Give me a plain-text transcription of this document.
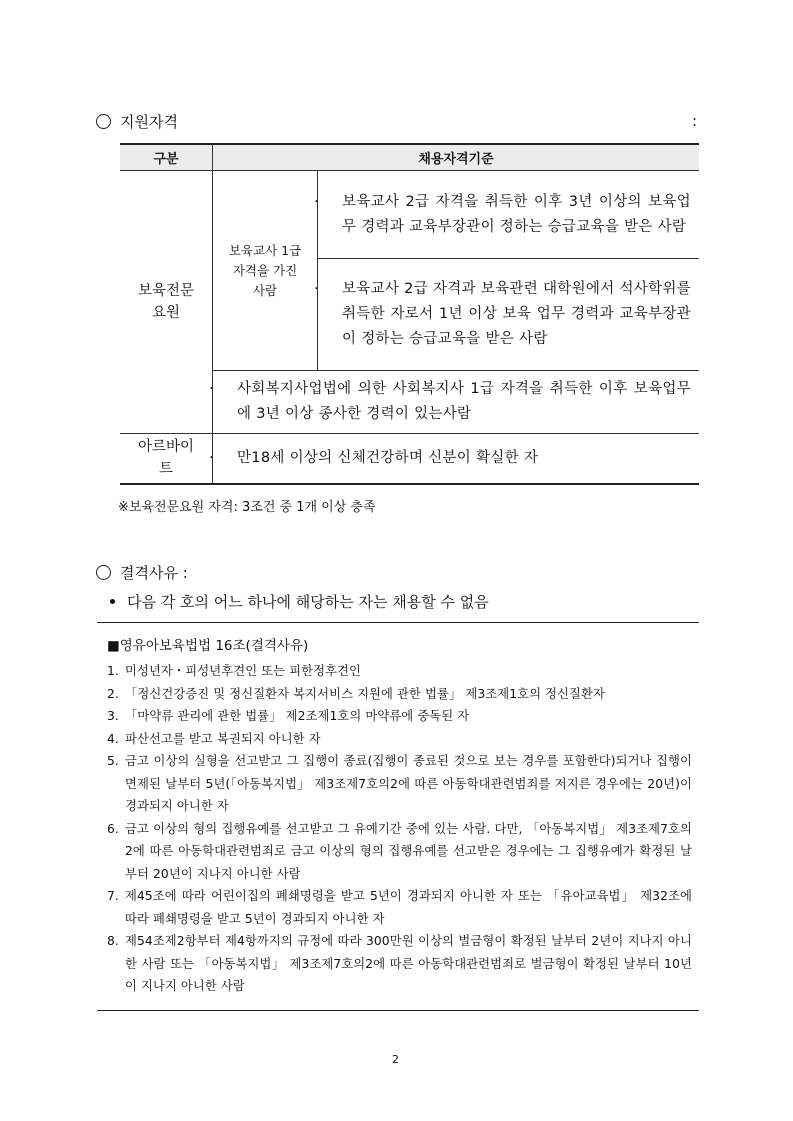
지원자격	:
구분	채용자격기준	

보육전문 요원	보육교사 1급 자격을 가진 사람	· 보육교사 2급 자격을 취득한 이후 3년 이상의 보육업무 경력과 교육부장관이 정하는 승급교육을 받은 사람

		· 보육교사 2급 자격과 보육관련 대학원에서 석사학위를 취득한 자로서 1년 이상 보육 업무 경력과 교육부장관이 정하는 승급교육을 받은 사람

	· 사회복지사업법에 의한 사회복지사 1급 자격을 취득한 이후 보육업무에 3년 이상 종사한 경력이 있는사람	

아르바이트	· 만18세 이상의 신체건강하며 신분이 확실한 자	
※보육전문요원 자격: 3조건 중 1개 이상 충족
결격사유 :
다음 각 호의 어느 하나에 해당하는 자는 채용할 수 없음
■영유아보육법법 16조(결격사유)
1. 미성년자・피성년후견인 또는 피한정후견인
2. 「정신건강증진 및 정신질환자 복지서비스 지원에 관한 법률」 제3조제1호의 정신질환자
3. 「마약류 관리에 관한 법률」 제2조제1호의 마약류에 중독된 자
4. 파산선고를 받고 복권되지 아니한 자
5. 금고 이상의 실형을 선고받고 그 집행이 종료(집행이 종료된 것으로 보는 경우를 포함한다)되거나 집행이 면제된 날부터 5년(「아동복지법」 제3조제7호의2에 따른 아동학대관련범죄를 저지른 경우에는 20년)이 경과되지 아니한 자
6. 금고 이상의 형의 집행유예를 선고받고 그 유예기간 중에 있는 사람. 다만, 「아동복지법」 제3조제7호의2에 따른 아동학대관련범죄로 금고 이상의 형의 집행유예를 선고받은 경우에는 그 집행유예가 확정된 날부터 20년이 지나지 아니한 사람
7. 제45조에 따라 어린이집의 폐쇄명령을 받고 5년이 경과되지 아니한 자 또는 「유아교육법」 제32조에 따라 폐쇄명령을 받고 5년이 경과되지 아니한 자
8. 제54조제2항부터 제4항까지의 규정에 따라 300만원 이상의 벌금형이 확정된 날부터 2년이 지나지 아니한 사람 또는 「아동복지법」 제3조제7호의2에 따른 아동학대관련범죄로 벌금형이 확정된 날부터 10년이 지나지 아니한 사람
2
